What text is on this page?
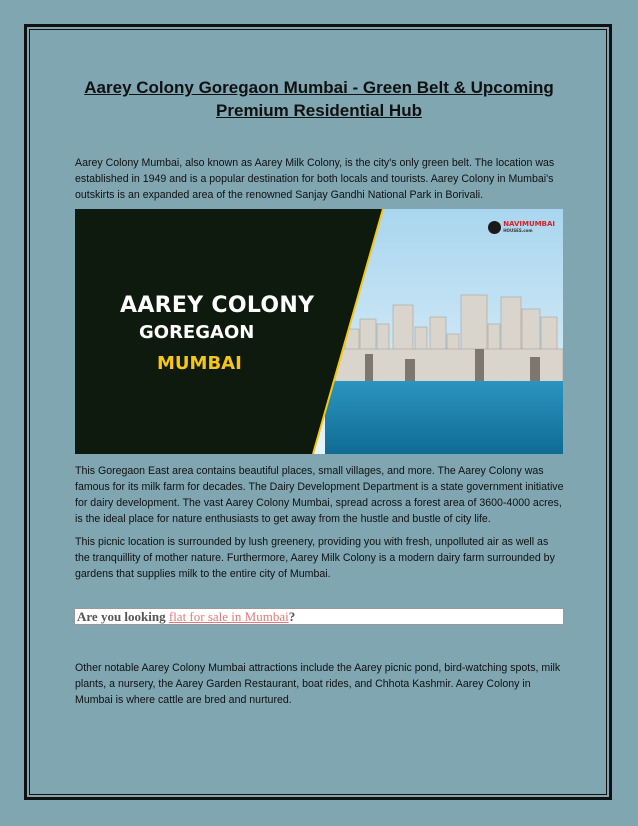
Aarey Colony Goregaon Mumbai - Green Belt & Upcoming Premium Residential Hub
Aarey Colony Mumbai, also known as Aarey Milk Colony, is the city's only green belt. The location was established in 1949 and is a popular destination for both locals and tourists. Aarey Colony in Mumbai's outskirts is an expanded area of the renowned Sanjay Gandhi National Park in Borivali.
NAVIMUMBAI
HOUSES.com
AAREY COLONY
GOREGAON
MUMBAI
This Goregaon East area contains beautiful places, small villages, and more. The Aarey Colony was famous for its milk farm for decades. The Dairy Development Department is a state government initiative for dairy development. The vast Aarey Colony Mumbai, spread across a forest area of 3600-4000 acres, is the ideal place for nature enthusiasts to get away from the hustle and bustle of city life.
This picnic location is surrounded by lush greenery, providing you with fresh, unpolluted air as well as the tranquillity of mother nature. Furthermore, Aarey Milk Colony is a modern dairy farm surrounded by gardens that supplies milk to the entire city of Mumbai.
Are you looking flat for sale in Mumbai?
Other notable Aarey Colony Mumbai attractions include the Aarey picnic pond, bird-watching spots, milk plants, a nursery, the Aarey Garden Restaurant, boat rides, and Chhota Kashmir. Aarey Colony in Mumbai is where cattle are bred and nurtured.
